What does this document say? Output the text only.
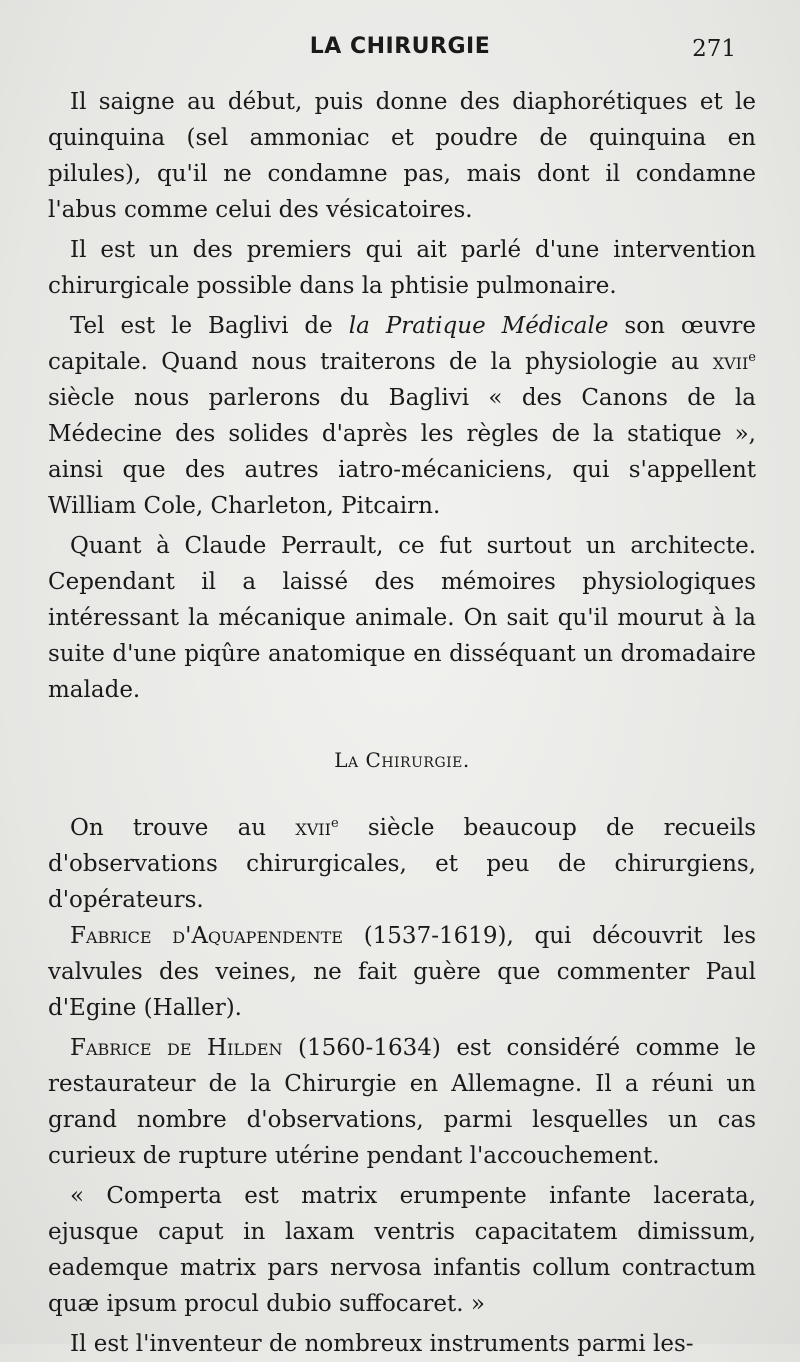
LA CHIRURGIE	271

Il saigne au début, puis donne des diaphorétiques et le quinquina (sel ammoniac et poudre de quinquina en pilules), qu'il ne condamne pas, mais dont il condamne l'abus comme celui des vésicatoires.

Il est un des premiers qui ait parlé d'une intervention chirurgicale possible dans la phtisie pulmonaire.

Tel est le Baglivi de la Pratique Médicale son œuvre capitale. Quand nous traiterons de la physiologie au xvii$^e$ siècle nous parlerons du Baglivi « des Canons de la Médecine des solides d'après les règles de la statique », ainsi que des autres iatro-mécaniciens, qui s'appellent William Cole, Charleton, Pitcairn.

Quant à Claude Perrault, ce fut surtout un architecte. Cependant il a laissé des mémoires physiologiques intéressant la mécanique animale. On sait qu'il mourut à la suite d'une piqûre anatomique en disséquant un dromadaire malade.

La Chirurgie.

On trouve au xvii$^e$ siècle beaucoup de recueils d'observations chirurgicales, et peu de chirurgiens, d'opérateurs.

Fabrice d'Aquapendente (1537-1619), qui découvrit les valvules des veines, ne fait guère que commenter Paul d'Egine (Haller).

Fabrice de Hilden (1560-1634) est considéré comme le restaurateur de la Chirurgie en Allemagne. Il a réuni un grand nombre d'observations, parmi lesquelles un cas curieux de rupture utérine pendant l'accouchement.

« Comperta est matrix erumpente infante lacerata, ejusque caput in laxam ventris capacitatem dimissum, eademque matrix pars nervosa infantis collum contractum quæ ipsum procul dubio suffocaret. »

Il est l'inventeur de nombreux instruments parmi les-
